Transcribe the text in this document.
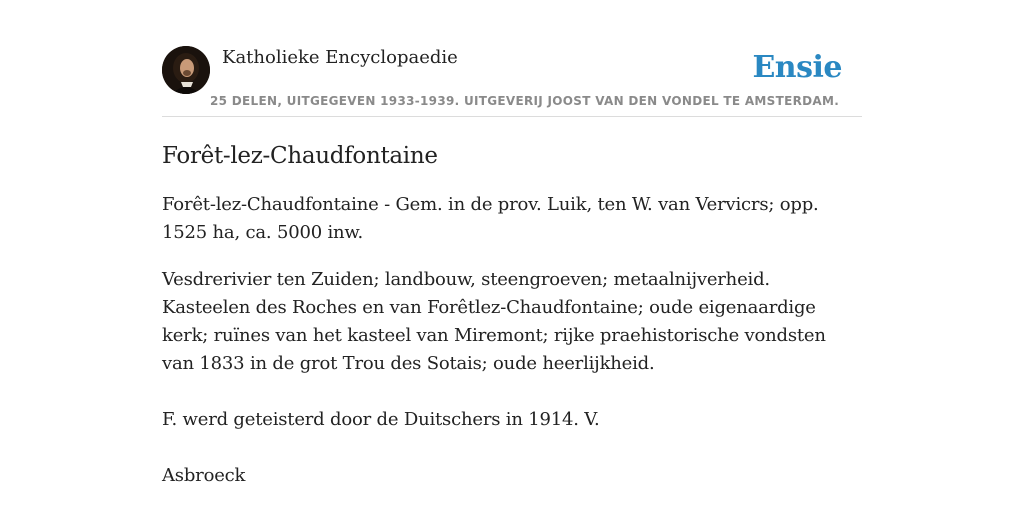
Katholieke Encyclopaedie	Ensie
25 DELEN, UITGEGEVEN 1933-1939. UITGEVERIJ JOOST VAN DEN VONDEL TE AMSTERDAM.
Forêt-lez-Chaudfontaine

Forêt-lez-Chaudfontaine - Gem. in de prov. Luik, ten W. van Vervicrs; opp. 1525 ha, ca. 5000 inw.

Vesdrerivier ten Zuiden; landbouw, steengroeven; metaalnijverheid. Kasteelen des Roches en van Forêtlez-Chaudfontaine; oude eigenaardige kerk; ruïnes van het kasteel van Miremont; rijke praehistorische vondsten van 1833 in de grot Trou des Sotais; oude heerlijkheid.
F. werd geteisterd door de Duitschers in 1914. V.
Asbroeck
